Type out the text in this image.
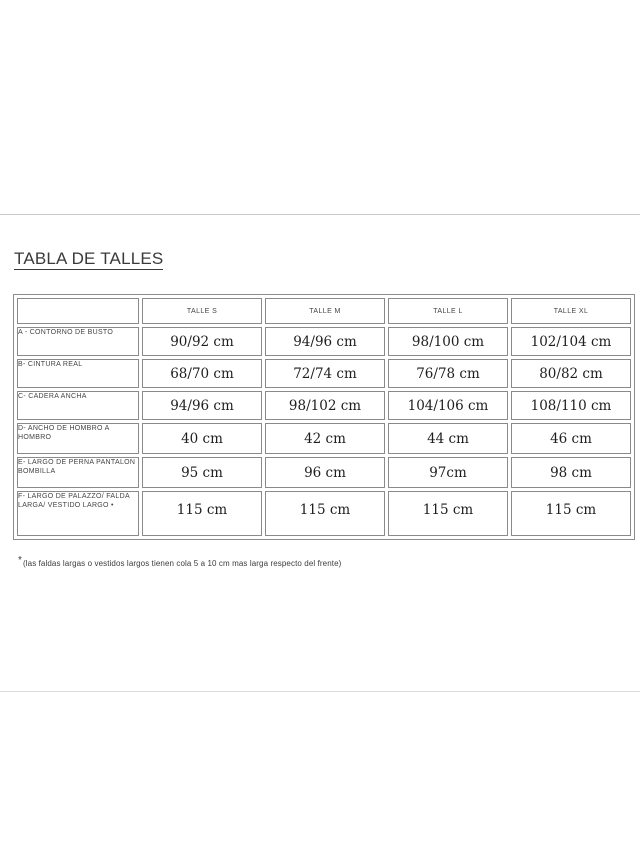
TABLA DE TALLES
	TALLE S	TALLE M	TALLE L	TALLE XL
A - CONTORNO DE BUSTO	90/92 cm	94/96 cm	98/100 cm	102/104 cm
B- CINTURA REAL	68/70 cm	72/74 cm	76/78 cm	80/82 cm
C- CADERA ANCHA	94/96 cm	98/102 cm	104/106 cm	108/110 cm
D- ANCHO DE HOMBRO A HOMBRO	40 cm	42 cm	44 cm	46 cm
E- LARGO DE PERNA PANTALON BOMBILLA	95 cm	96 cm	97cm	98 cm
F- LARGO DE PALAZZO/ FALDA LARGA/ VESTIDO LARGO •	115 cm	115 cm	115 cm	115 cm
*(las faldas largas o vestidos largos tienen cola 5 a 10 cm mas larga respecto del frente)
